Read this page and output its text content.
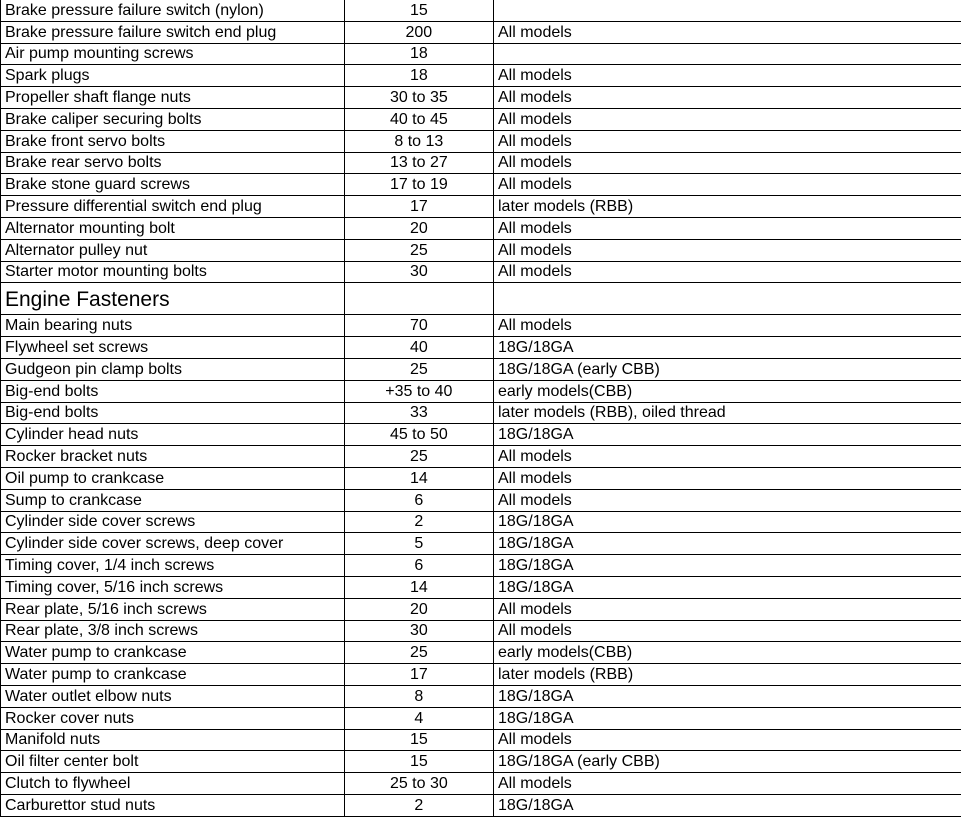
Brake pressure failure switch (nylon)	15	
Brake pressure failure switch end plug	200	All models
Air pump mounting screws	18	
Spark plugs	18	All models
Propeller shaft flange nuts	30 to 35	All models
Brake caliper securing bolts	40 to 45	All models
Brake front servo bolts	8 to 13	All models
Brake rear servo bolts	13 to 27	All models
Brake stone guard screws	17 to 19	All models
Pressure differential switch end plug	17	later models (RBB)
Alternator mounting bolt	20	All models
Alternator pulley nut	25	All models
Starter motor mounting bolts	30	All models
Engine Fasteners		
Main bearing nuts	70	All models
Flywheel set screws	40	18G/18GA
Gudgeon pin clamp bolts	25	18G/18GA (early CBB)
Big-end bolts	+35 to 40	early models(CBB)
Big-end bolts	33	later models (RBB), oiled thread
Cylinder head nuts	45 to 50	18G/18GA
Rocker bracket nuts	25	All models
Oil pump to crankcase	14	All models
Sump to crankcase	6	All models
Cylinder side cover screws	2	18G/18GA
Cylinder side cover screws, deep cover	5	18G/18GA
Timing cover, 1/4 inch screws	6	18G/18GA
Timing cover, 5/16 inch screws	14	18G/18GA
Rear plate, 5/16 inch screws	20	All models
Rear plate, 3/8 inch screws	30	All models
Water pump to crankcase	25	early models(CBB)
Water pump to crankcase	17	later models (RBB)
Water outlet elbow nuts	8	18G/18GA
Rocker cover nuts	4	18G/18GA
Manifold nuts	15	All models
Oil filter center bolt	15	18G/18GA (early CBB)
Clutch to flywheel	25 to 30	All models
Carburettor stud nuts	2	18G/18GA
